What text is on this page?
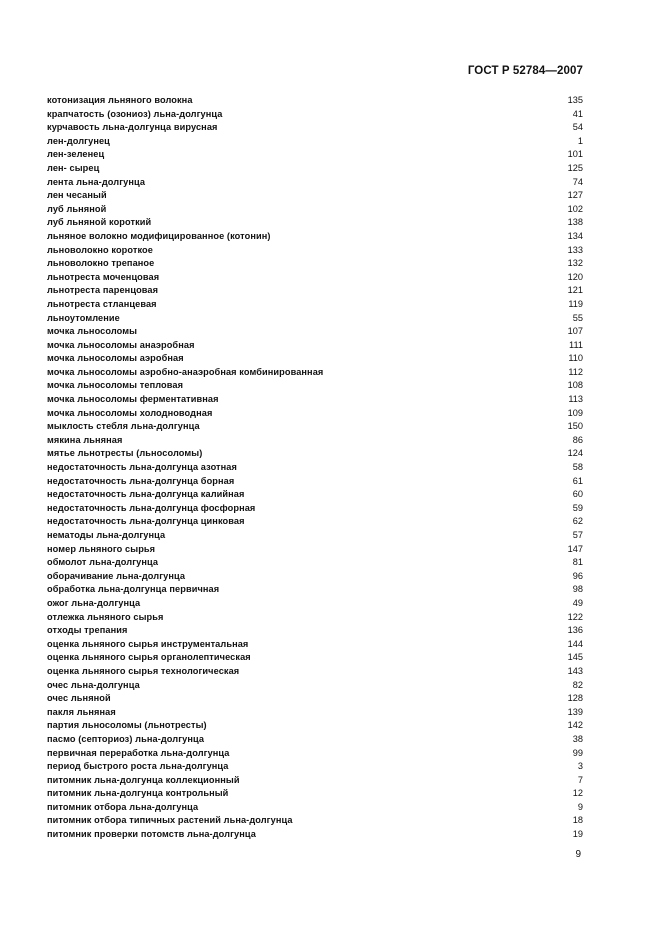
ГОСТ Р 52784—2007
котонизация льняного волокна	135
крапчатость (озониоз) льна-долгунца	41
курчавость льна-долгунца вирусная	54
лен-долгунец	1
лен-зеленец	101
лен- сырец	125
лента льна-долгунца	74
лен чесаный	127
луб льняной	102
луб льняной короткий	138
льняное волокно модифицированное (котонин)	134
льноволокно короткое	133
льноволокно трепаное	132
льнотреста моченцовая	120
льнотреста паренцовая	121
льнотреста стланцевая	119
льноутомление	55
мочка льносоломы	107
мочка льносоломы анаэробная	111
мочка льносоломы аэробная	110
мочка льносоломы аэробно-анаэробная комбинированная	112
мочка льносоломы тепловая	108
мочка льносоломы ферментативная	113
мочка льносоломы холодноводная	109
мыклость стебля льна-долгунца	150
мякина льняная	86
мятье льнотресты (льносоломы)	124
недостаточность льна-долгунца азотная	58
недостаточность льна-долгунца борная	61
недостаточность льна-долгунца калийная	60
недостаточность льна-долгунца фосфорная	59
недостаточность льна-долгунца цинковая	62
нематоды льна-долгунца	57
номер льняного сырья	147
обмолот льна-долгунца	81
оборачивание льна-долгунца	96
обработка льна-долгунца первичная	98
ожог льна-долгунца	49
отлежка льняного сырья	122
отходы трепания	136
оценка льняного сырья инструментальная	144
оценка льняного сырья органолептическая	145
оценка льняного сырья технологическая	143
очес льна-долгунца	82
очес льняной	128
пакля льняная	139
партия льносоломы (льнотресты)	142
пасмо (септориоз) льна-долгунца	38
первичная переработка льна-долгунца	99
период быстрого роста льна-долгунца	3
питомник льна-долгунца коллекционный	7
питомник льна-долгунца контрольный	12
питомник отбора льна-долгунца	9
питомник отбора типичных растений льна-долгунца	18
питомник проверки потомств льна-долгунца	19
9
